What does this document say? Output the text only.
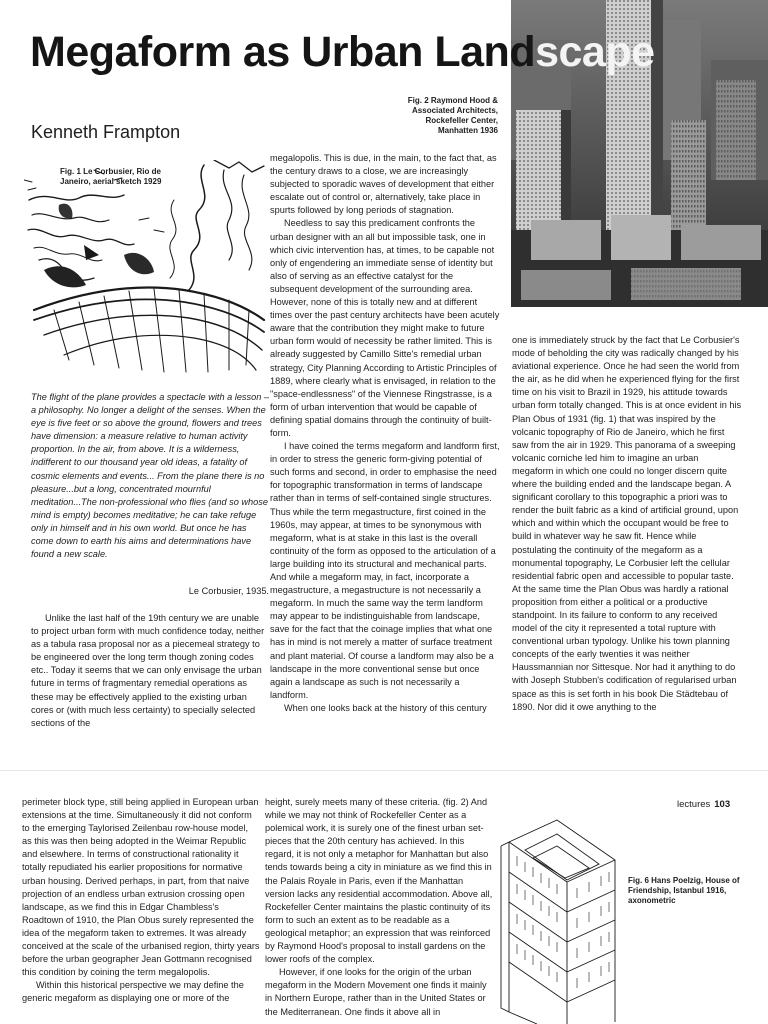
Megaform as Urban Landscape
Kenneth Frampton

Fig. 2 Raymond Hood & Associated Architects, Rockefeller Center, Manhatten 1936

Fig. 1 Le Corbusier, Rio de Janeiro, aerial sketch 1929

The flight of the plane provides a spectacle with a lesson – a philosophy. No longer a delight of the senses. When the eye is five feet or so above the ground, flowers and trees have dimension: a measure relative to human activity proportion. In the air, from above. It is a wilderness, indifferent to our thousand year old ideas, a fatality of cosmic elements and events... From the plane there is no pleasure...but a long, concentrated mournful meditation...The non-professional who flies (and so whose mind is empty) becomes meditative; he can take refuge only in himself and in his own world. But once he has come down to earth his aims and determinations have found a new scale.
Le Corbusier, 1935.

Unlike the last half of the 19th century we are unable to project urban form with much confidence today, neither as a tabula rasa proposal nor as a piecemeal strategy to be engineered over the long term though zoning codes etc.. Today it seems that we can only envisage the urban future in terms of fragmentary remedial operations as these may be effectively applied to the existing urban cores or (with much less certainty) to specially selected sections of the

megalopolis. This is due, in the main, to the fact that, as the century draws to a close, we are increasingly subjected to sporadic waves of development that either escalate out of control or, alternatively, take place in spurts followed by long periods of stagnation.

Needless to say this predicament confronts the urban designer with an all but impossible task, one in which civic intervention has, at times, to be capable not only of engendering an immediate sense of identity but also of serving as an effective catalyst for the subsequent development of the surrounding area. However, none of this is totally new and at different times over the past century architects have been acutely aware that the contribution they might make to future urban form would of necessity be rather limited. This is already suggested by Camillo Sitte's remedial urban strategy, City Planning According to Artistic Principles of 1889, where clearly what is envisaged, in relation to the "space-endlessness" of the Viennese Ringstrasse, is a form of urban intervention that would be capable of defining spatial domains through the continuity of built-form.

I have coined the terms megaform and landform first, in order to stress the generic form-giving potential of such forms and second, in order to emphasise the need for topographic transformation in terms of landscape rather than in terms of self-contained single structures. Thus while the term megastructure, first coined in the 1960s, may appear, at times to be synonymous with megaform, what is at stake in this last is the overall continuity of the form as opposed to the articulation of a large building into its structural and mechanical parts. And while a megaform may, in fact, incorporate a megastructure, a megastructure is not necessarily a megaform. In much the same way the term landform may appear to be indistinguishable from landscape, save for the fact that the coinage implies that what one has in mind is not merely a matter of surface treatment and plant material. Of course a landform may also be a landscape in the more conventional sense but once again a landscape as such is not necessarily a landform.

When one looks back at the history of this century

one is immediately struck by the fact that Le Corbusier's mode of beholding the city was radically changed by his aviational experience. Once he had seen the world from the air, as he did when he experienced flying for the first time on his visit to Brazil in 1929, his attitude towards urban form totally changed. This is at once evident in his Plan Obus of 1931 (fig. 1) that was inspired by the volcanic topography of Rio de Janeiro, which he first saw from the air in 1929. This panorama of a sweeping volcanic corniche led him to imagine an urban megaform in which one could no longer discern quite where the building ended and the landscape began. A significant corollary to this topographic a priori was to render the built fabric as a kind of artificial ground, upon which and within which the occupant would be free to build in whatever way he saw fit. Hence while postulating the continuity of the megaform as a monumental topography, Le Corbusier left the cellular residential fabric open and accessible to popular taste. At the same time the Plan Obus was hardly a rational proposition from either a political or a productive standpoint. In its failure to conform to any received model of the city it represented a total rupture with conventional urban typology. Unlike his town planning concepts of the early twenties it was neither Haussmannian nor Sittesque. Nor had it anything to do with Joseph Stubben's codification of regularised urban space as this is set forth in his book Die Städtebau of 1890. Nor did it owe anything to the

lectures 103

perimeter block type, still being applied in European urban extensions at the time. Simultaneously it did not conform to the emerging Taylorised Zeilenbau row-house model, as this was then being adopted in the Weimar Republic and elsewhere. In terms of constructional rationality it totally repudiated his earlier propositions for normative urban housing. Derived perhaps, in part, from that naive projection of an endless urban extrusion crossing open landscape, as we find this in Edgar Chambless's Roadtown of 1910, the Plan Obus surely represented the idea of the megaform taken to extremes. It was already conceived at the scale of the urbanised region, thirty years before the urban geographer Jean Gottmann recognised this condition by coining the term megalopolis.

Within this historical perspective we may define the generic megaform as displaying one or more of the

height, surely meets many of these criteria. (fig. 2) And while we may not think of Rockefeller Center as a polemical work, it is surely one of the finest urban set-pieces that the 20th century has achieved. In this regard, it is not only a metaphor for Manhattan but also tends towards being a city in miniature as we find this in the Palais Royale in Paris, even if the Manhattan version lacks any residential accommodation. Above all, Rockefeller Center maintains the plastic continuity of its form to such an extent as to be readable as a geological metaphor; an expression that was reinforced by Raymond Hood's proposal to install gardens on the lower roofs of the complex.

However, if one looks for the origin of the urban megaform in the Modern Movement one finds it mainly in Northern Europe, rather than in the United States or the Mediterranean. One finds it above all in

Fig. 6 Hans Poelzig, House of Friendship, Istanbul 1916, axonometric
